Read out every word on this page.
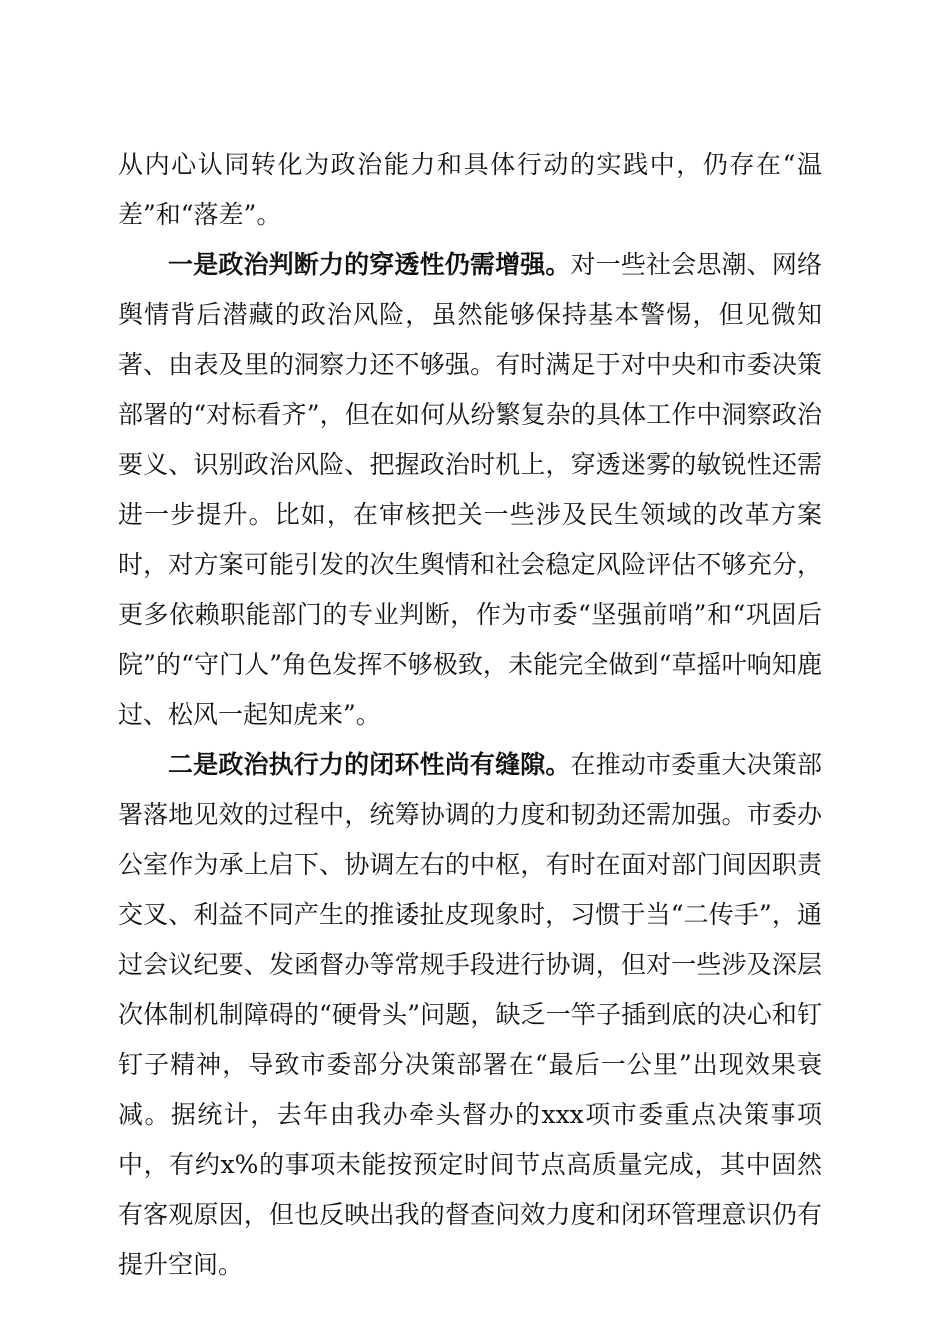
从内心认同转化为政治能力和具体行动的实践中，仍存在“温差”和“落差”。

一是政治判断力的穿透性仍需增强。对一些社会思潮、网络舆情背后潜藏的政治风险，虽然能够保持基本警惕，但见微知著、由表及里的洞察力还不够强。有时满足于对中央和市委决策部署的“对标看齐”，但在如何从纷繁复杂的具体工作中洞察政治要义、识别政治风险、把握政治时机上，穿透迷雾的敏锐性还需进一步提升。比如，在审核把关一些涉及民生领域的改革方案时，对方案可能引发的次生舆情和社会稳定风险评估不够充分，更多依赖职能部门的专业判断，作为市委“坚强前哨”和“巩固后院”的“守门人”角色发挥不够极致，未能完全做到“草摇叶响知鹿过、松风一起知虎来”。

二是政治执行力的闭环性尚有缝隙。在推动市委重大决策部署落地见效的过程中，统筹协调的力度和韧劲还需加强。市委办公室作为承上启下、协调左右的中枢，有时在面对部门间因职责交叉、利益不同产生的推诿扯皮现象时，习惯于当“二传手”，通过会议纪要、发函督办等常规手段进行协调，但对一些涉及深层次体制机制障碍的“硬骨头”问题，缺乏一竿子插到底的决心和钉钉子精神，导致市委部分决策部署在“最后一公里”出现效果衰减。据统计，去年由我办牵头督办的xxx项市委重点决策事项中，有约x%的事项未能按预定时间节点高质量完成，其中固然有客观原因，但也反映出我的督查问效力度和闭环管理意识仍有提升空间。
